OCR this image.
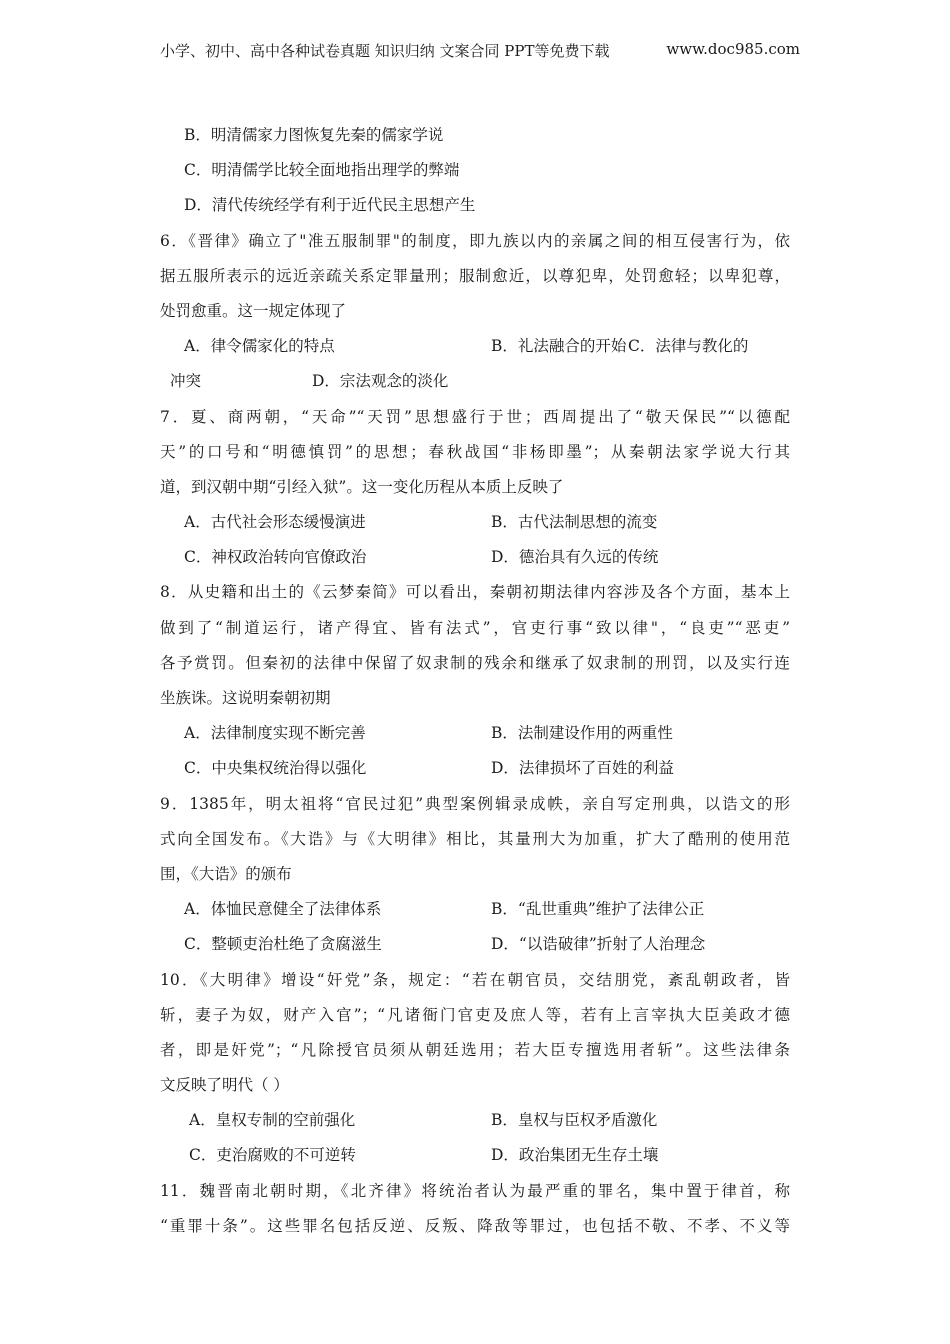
小学、初中、高中各种试卷真题 知识归纳 文案合同 PPT等免费下载	www.doc985.com
B．明清儒家力图恢复先秦的儒家学说
C．明清儒学比较全面地指出理学的弊端
D．清代传统经学有利于近代民主思想产生
6．《晋律》确立了"准五服制罪"的制度，即九族以内的亲属之间的相互侵害行为，依
据五服所表示的远近亲疏关系定罪量刑；服制愈近，以尊犯卑，处罚愈轻；以卑犯尊，
处罚愈重。这一规定体现了
A．律令儒家化的特点	B．礼法融合的开始 C．法律与教化的
冲突	D．宗法观念的淡化
7．夏、商两朝，“天命”“天罚”思想盛行于世；西周提出了“敬天保民”“以德配
天”的口号和“明德慎罚”的思想；春秋战国“非杨即墨”；从秦朝法家学说大行其
道，到汉朝中期“引经入狱”。这一变化历程从本质上反映了
A．古代社会形态缓慢演进	B．古代法制思想的流变
C．神权政治转向官僚政治	D．德治具有久远的传统
8．从史籍和出土的《云梦秦简》可以看出，秦朝初期法律内容涉及各个方面，基本上
做到了“制道运行，诸产得宜、皆有法式”，官吏行事“致以律"，“良吏”“恶吏”
各予赏罚。但秦初的法律中保留了奴隶制的残余和继承了奴隶制的刑罚，以及实行连
坐族诛。这说明秦朝初期
A．法律制度实现不断完善	B．法制建设作用的两重性
C．中央集权统治得以强化	D．法律损坏了百姓的利益
9．1385年，明太祖将“官民过犯”典型案例辑录成帙，亲自写定刑典，以诰文的形
式向全国发布。《大诰》与《大明律》相比，其量刑大为加重，扩大了酷刑的使用范
围，《大诰》的颁布
A．体恤民意健全了法律体系	B．“乱世重典”维护了法律公正
C．整顿吏治杜绝了贪腐滋生	D．“以诰破律”折射了人治理念
10．《大明律》增设“奸党”条，规定：“若在朝官员，交结朋党，紊乱朝政者，皆
斩，妻子为奴，财产入官”；“凡诸衙门官吏及庶人等，若有上言宰执大臣美政才德
者，即是奸党”；“凡除授官员须从朝廷选用；若大臣专擅选用者斩”。这些法律条
文反映了明代（ ）
A．皇权专制的空前强化	B．皇权与臣权矛盾激化
C．吏治腐败的不可逆转	D．政治集团无生存土壤
11．魏晋南北朝时期，《北齐律》将统治者认为最严重的罪名，集中置于律首，称
“重罪十条”。这些罪名包括反逆、反叛、降敌等罪过，也包括不敬、不孝、不义等
